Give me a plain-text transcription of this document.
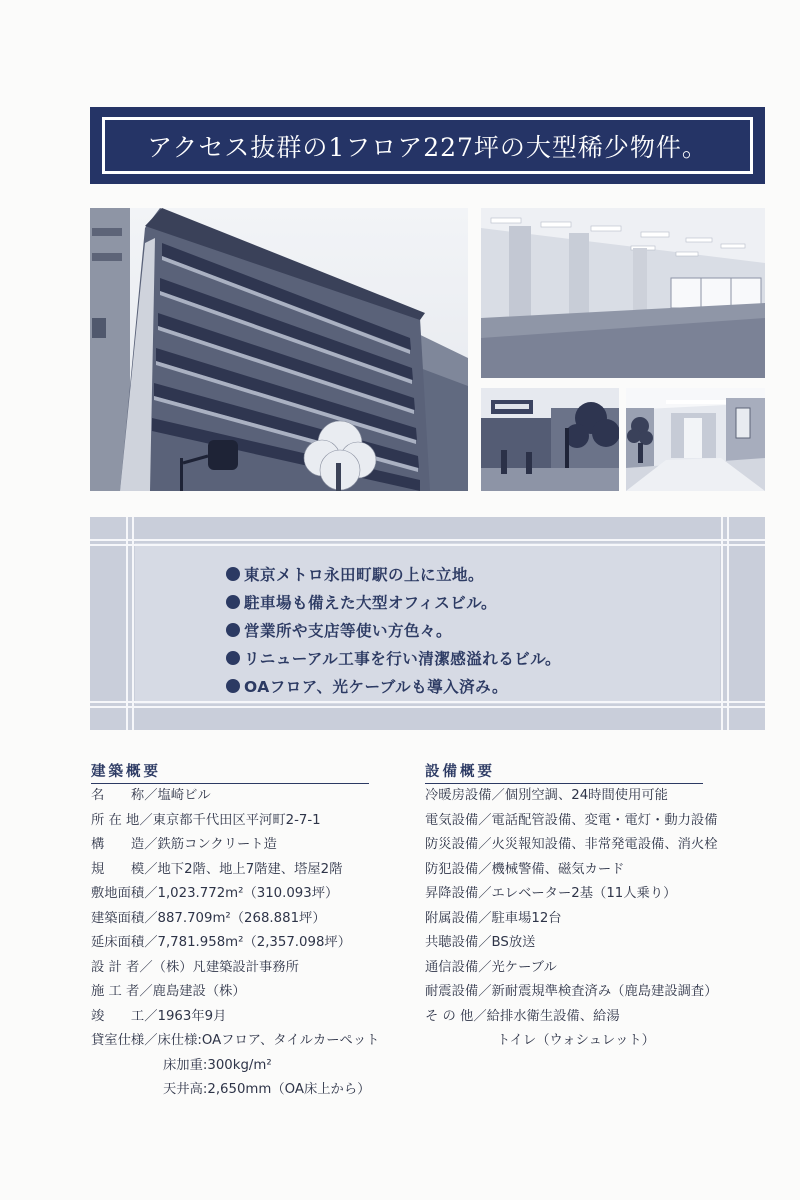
アクセス抜群の1フロア227坪の大型稀少物件。
東京メトロ永田町駅の上に立地。
駐車場も備えた大型オフィスビル。
営業所や支店等使い方色々。
リニューアル工事を行い清潔感溢れるビル。
OAフロア、光ケーブルも導入済み。
建築概要
名　　称／塩崎ビル
所 在 地／東京都千代田区平河町2-7-1
構　　造／鉄筋コンクリート造
規　　模／地下2階、地上7階建、塔屋2階
敷地面積／1,023.772m²（310.093坪）
建築面積／887.709m²（268.881坪）
延床面積／7,781.958m²（2,357.098坪）
設 計 者／（株）凡建築設計事務所
施 工 者／鹿島建設（株）
竣　　工／1963年9月
貸室仕様／床仕様:OAフロア、タイルカーペット
床加重:300kg/m²
天井高:2,650mm（OA床上から）
設備概要
冷暖房設備／個別空調、24時間使用可能
電気設備／電話配管設備、変電・電灯・動力設備
防災設備／火災報知設備、非常発電設備、消火栓
防犯設備／機械警備、磁気カード
昇降設備／エレベーター2基（11人乗り）
附属設備／駐車場12台
共聴設備／BS放送
通信設備／光ケーブル
耐震設備／新耐震規準検査済み（鹿島建設調査）
そ の 他／給排水衛生設備、給湯
トイレ（ウォシュレット）
